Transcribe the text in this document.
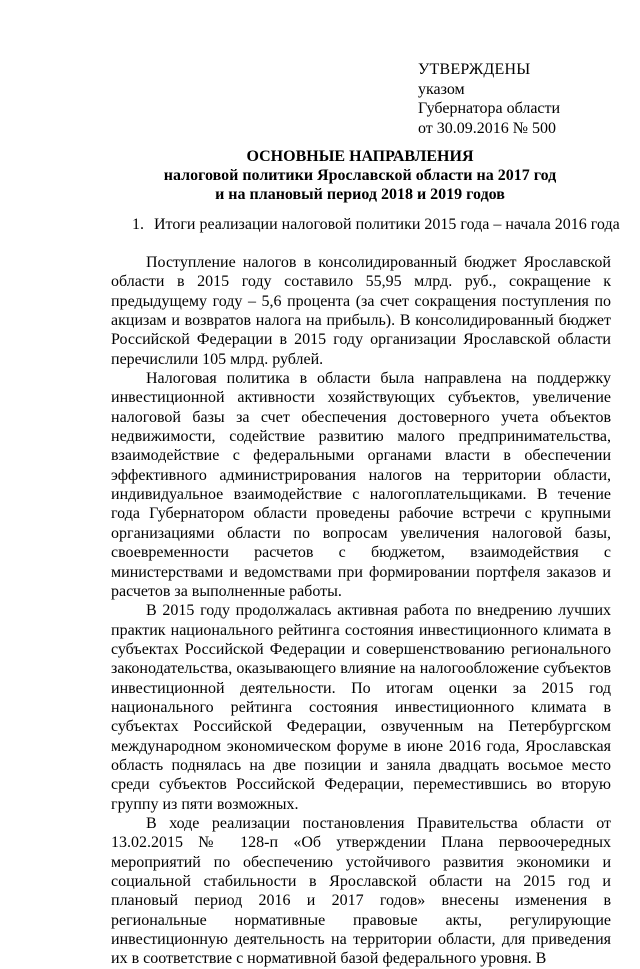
УТВЕРЖДЕНЫ
указом
Губернатора области
от 30.09.2016 № 500
ОСНОВНЫЕ НАПРАВЛЕНИЯ
налоговой политики Ярославской области на 2017 год
и на плановый период 2018 и 2019 годов
1. Итоги реализации налоговой политики 2015 года – начала 2016 года

Поступление налогов в консолидированный бюджет Ярославской области в 2015 году составило 55,95 млрд. руб., сокращение к предыдущему году – 5,6 процента (за счет сокращения поступления по акцизам и возвратов налога на прибыль). В консолидированный бюджет Российской Федерации в 2015 году организации Ярославской области перечислили 105 млрд. рублей.

Налоговая политика в области была направлена на поддержку инвестиционной активности хозяйствующих субъектов, увеличение налоговой базы за счет обеспечения достоверного учета объектов недвижимости, содействие развитию малого предпринимательства, взаимодействие с федеральными органами власти в обеспечении эффективного администрирования налогов на территории области, индивидуальное взаимодействие с налогоплательщиками. В течение года Губернатором области проведены рабочие встречи с крупными организациями области по вопросам увеличения налоговой базы, своевременности расчетов с бюджетом, взаимодействия с министерствами и ведомствами при формировании портфеля заказов и расчетов за выполненные работы.

В 2015 году продолжалась активная работа по внедрению лучших практик национального рейтинга состояния инвестиционного климата в субъектах Российской Федерации и совершенствованию регионального законодательства, оказывающего влияние на налогообложение субъектов инвестиционной деятельности. По итогам оценки за 2015 год национального рейтинга состояния инвестиционного климата в субъектах Российской Федерации, озвученным на Петербургском международном экономическом форуме в июне 2016 года, Ярославская область поднялась на две позиции и заняла двадцать восьмое место среди субъектов Российской Федерации, переместившись во вторую группу из пяти возможных.

В ходе реализации постановления Правительства области от 13.02.2015 № 128-п «Об утверждении Плана первоочередных мероприятий по обеспечению устойчивого развития экономики и социальной стабильности в Ярославской области на 2015 год и плановый период 2016 и 2017 годов» внесены изменения в региональные нормативные правовые акты, регулирующие инвестиционную деятельность на территории области, для приведения их в соответствие с нормативной базой федерального уровня. В
